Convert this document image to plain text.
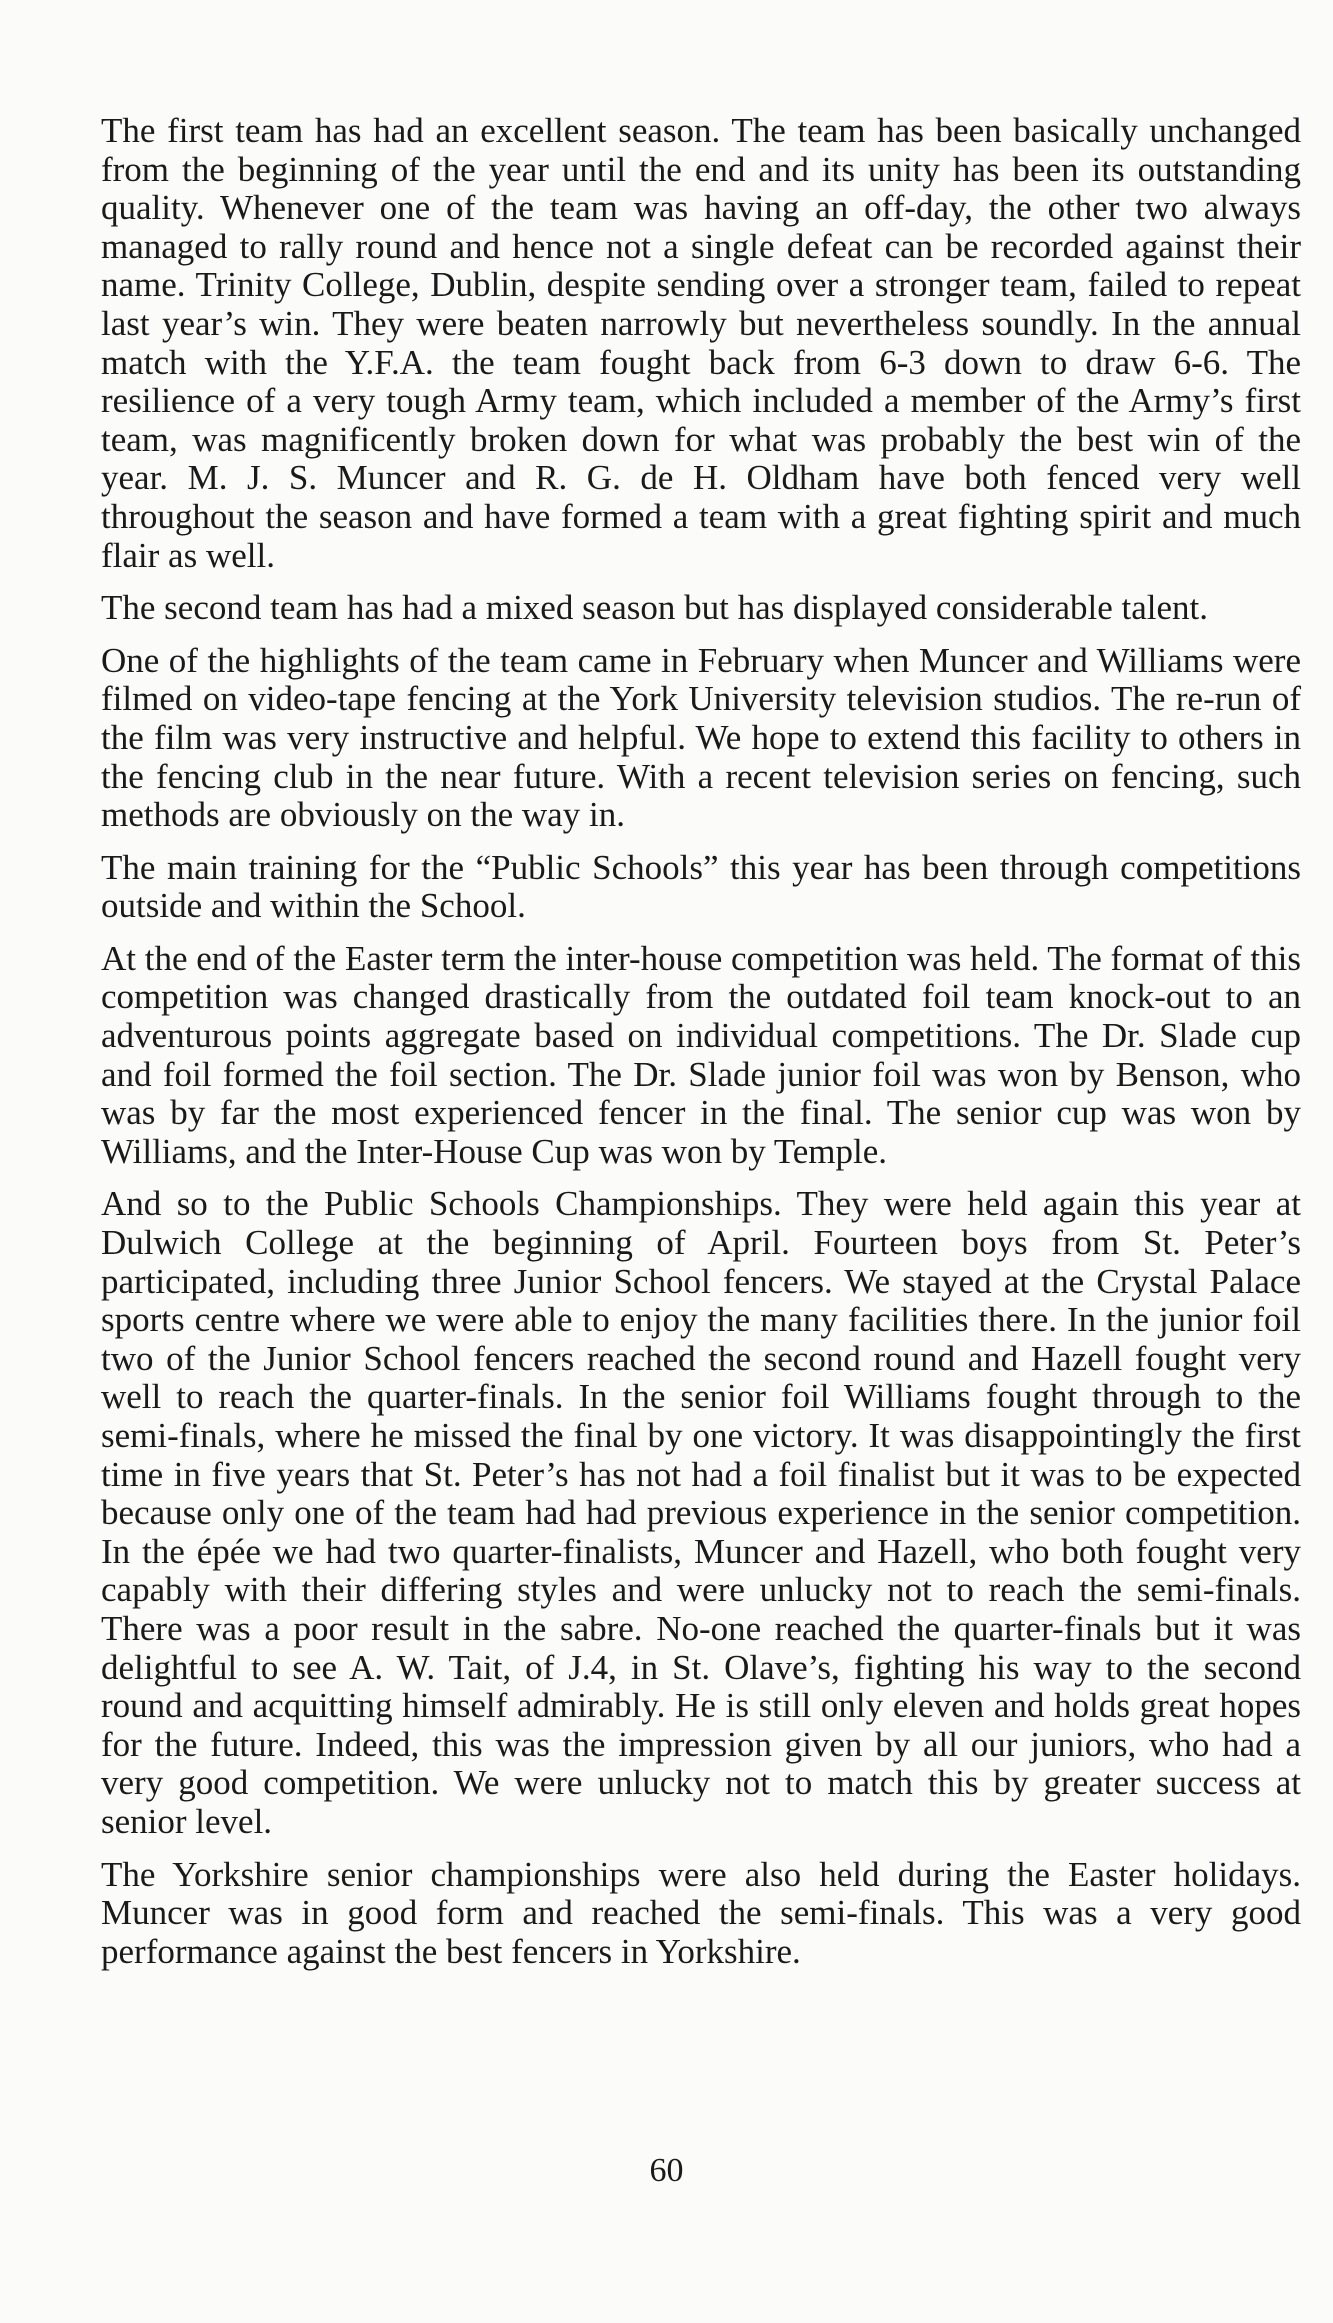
The first team has had an excellent season. The team has been basically unchanged from the beginning of the year until the end and its unity has been its outstanding quality. Whenever one of the team was having an off-day, the other two always managed to rally round and hence not a single defeat can be recorded against their name. Trinity College, Dublin, despite sending over a stronger team, failed to repeat last year’s win. They were beaten narrowly but nevertheless soundly. In the annual match with the Y.F.A. the team fought back from 6-3 down to draw 6-6. The resilience of a very tough Army team, which included a member of the Army’s first team, was magnificently broken down for what was probably the best win of the year. M. J. S. Muncer and R. G. de H. Oldham have both fenced very well throughout the season and have formed a team with a great fighting spirit and much flair as well.

The second team has had a mixed season but has displayed considerable talent.

One of the highlights of the team came in February when Muncer and Williams were filmed on video-tape fencing at the York University television studios. The re-run of the film was very instructive and helpful. We hope to extend this facility to others in the fencing club in the near future. With a recent television series on fencing, such methods are obviously on the way in.

The main training for the “Public Schools” this year has been through competitions outside and within the School.

At the end of the Easter term the inter-house competition was held. The format of this competition was changed drastically from the outdated foil team knock-out to an adventurous points aggregate based on individual competitions. The Dr. Slade cup and foil formed the foil section. The Dr. Slade junior foil was won by Benson, who was by far the most experienced fencer in the final. The senior cup was won by Williams, and the Inter-House Cup was won by Temple.

And so to the Public Schools Championships. They were held again this year at Dulwich College at the beginning of April. Fourteen boys from St. Peter’s participated, including three Junior School fencers. We stayed at the Crystal Palace sports centre where we were able to enjoy the many facilities there. In the junior foil two of the Junior School fencers reached the second round and Hazell fought very well to reach the quarter-finals. In the senior foil Williams fought through to the semi-finals, where he missed the final by one victory. It was disappointingly the first time in five years that St. Peter’s has not had a foil finalist but it was to be expected because only one of the team had had previous experience in the senior competition. In the épée we had two quarter-finalists, Muncer and Hazell, who both fought very capably with their differing styles and were unlucky not to reach the semi-finals. There was a poor result in the sabre. No-one reached the quarter-finals but it was delightful to see A. W. Tait, of J.4, in St. Olave’s, fighting his way to the second round and acquitting himself admirably. He is still only eleven and holds great hopes for the future. Indeed, this was the impression given by all our juniors, who had a very good competition. We were unlucky not to match this by greater success at senior level.

The Yorkshire senior championships were also held during the Easter holidays. Muncer was in good form and reached the semi-finals. This was a very good performance against the best fencers in Yorkshire.

60
